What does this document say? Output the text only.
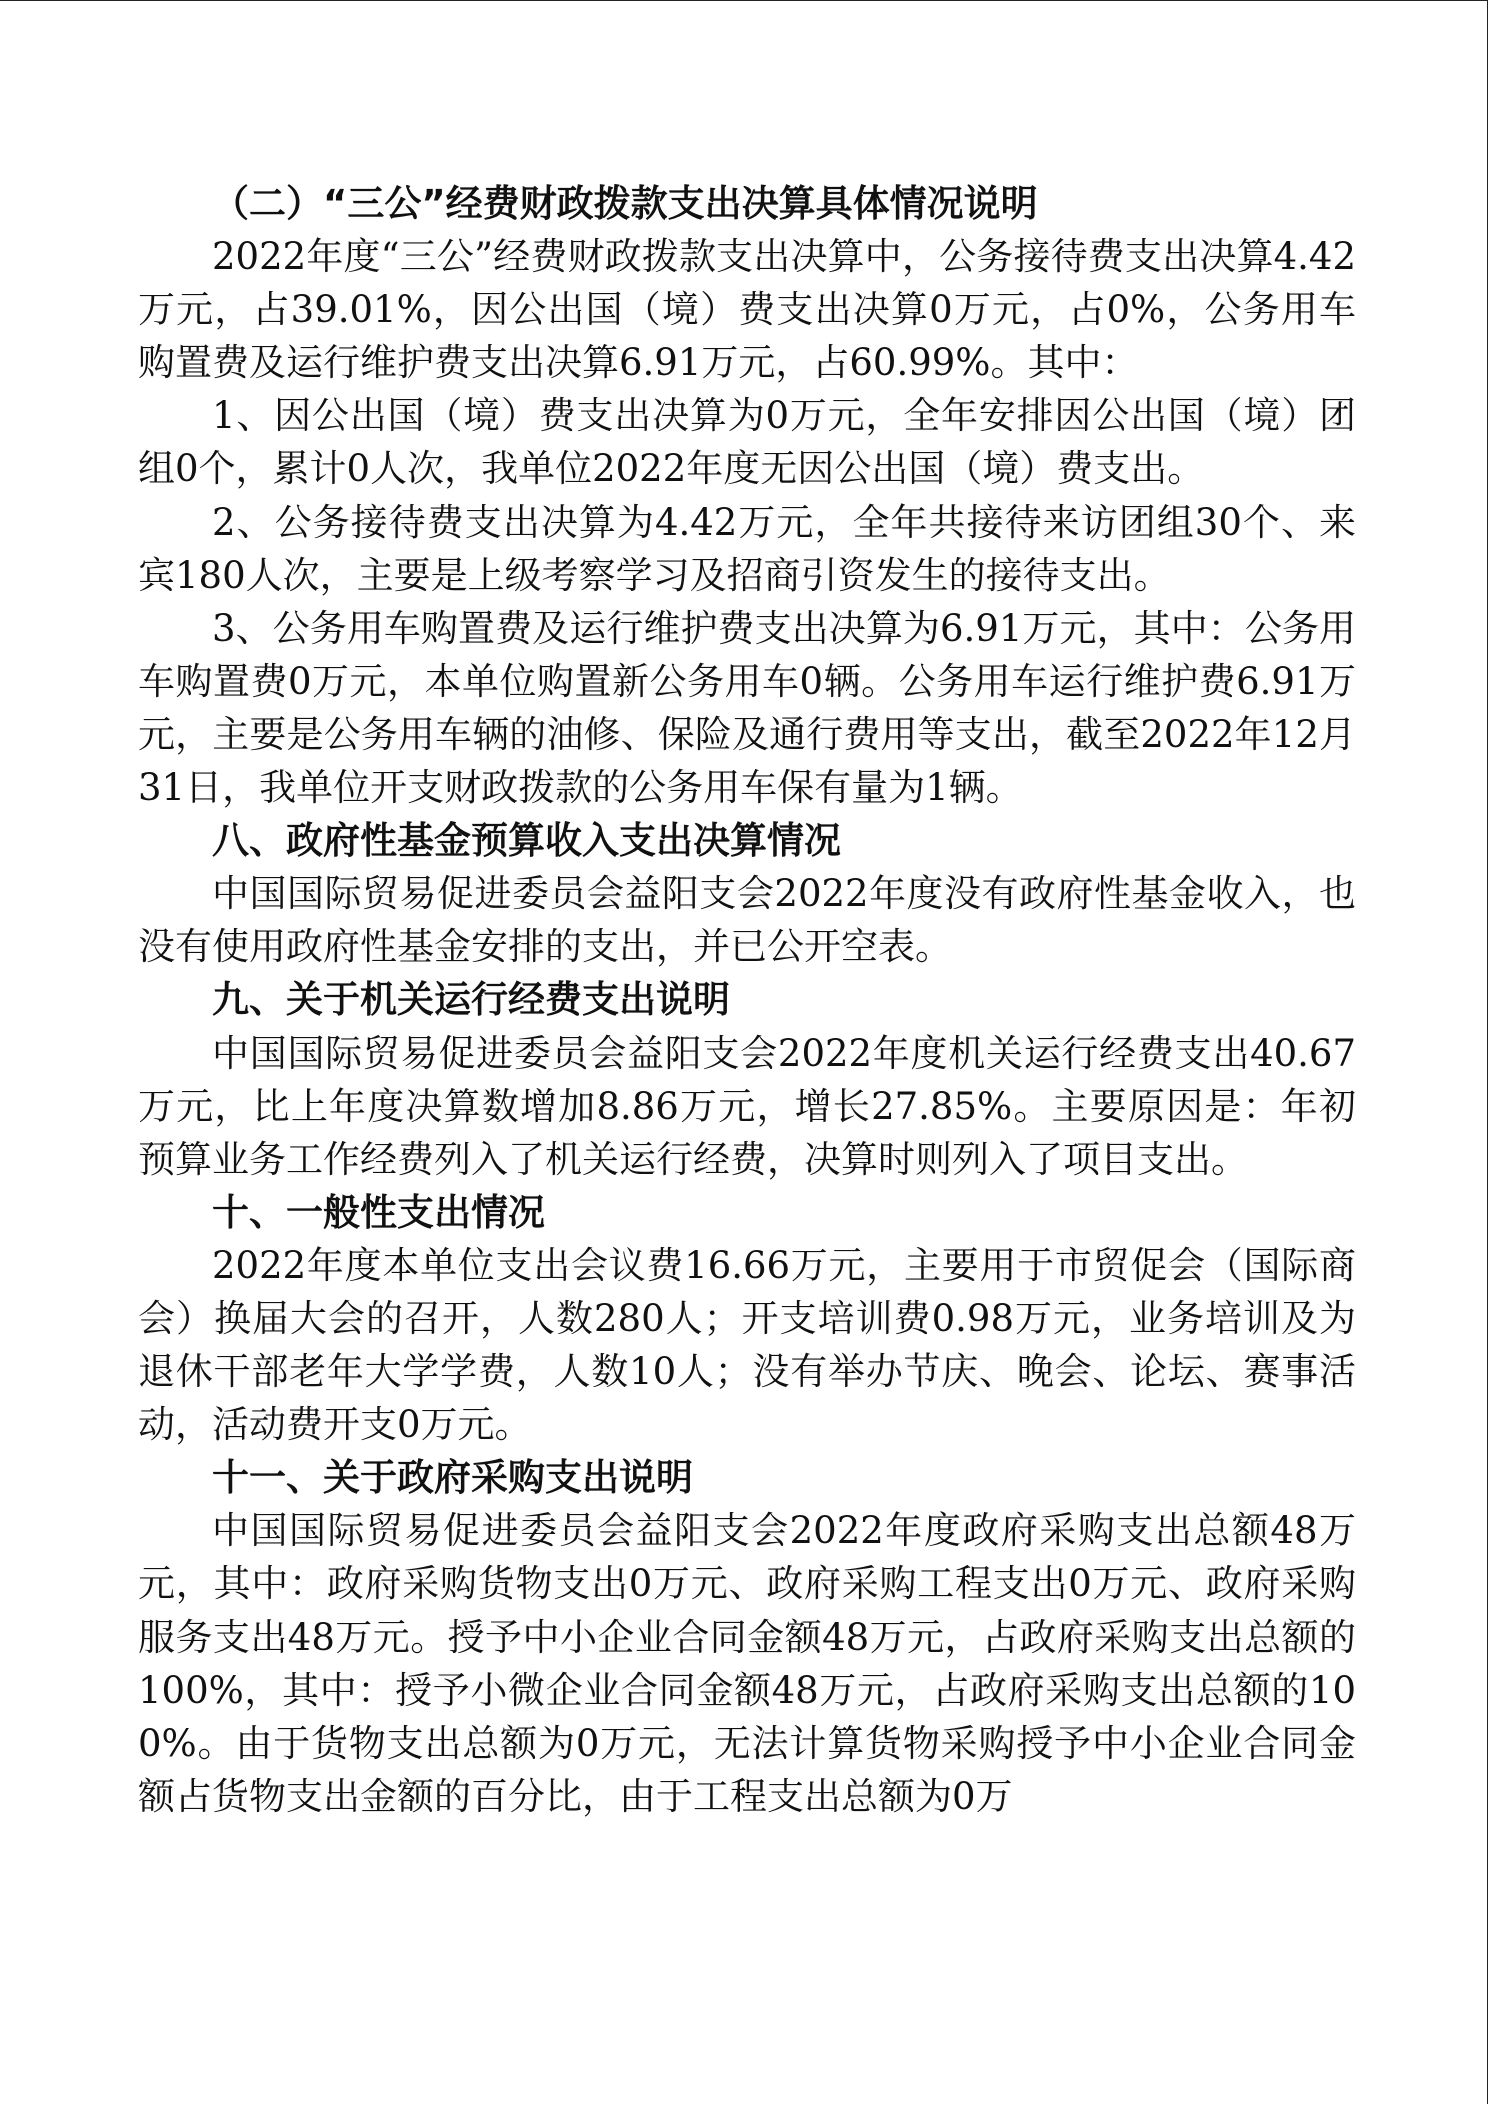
（二）“三公”经费财政拨款支出决算具体情况说明

2022年度“三公”经费财政拨款支出决算中，公务接待费支出决算4.42万元，占39.01%，因公出国（境）费支出决算0万元，占0%，公务用车购置费及运行维护费支出决算6.91万元，占60.99%。其中：

1、因公出国（境）费支出决算为0万元，全年安排因公出国（境）团组0个，累计0人次，我单位2022年度无因公出国（境）费支出。

2、公务接待费支出决算为4.42万元，全年共接待来访团组30个、来宾180人次，主要是上级考察学习及招商引资发生的接待支出。

3、公务用车购置费及运行维护费支出决算为6.91万元，其中：公务用车购置费0万元，本单位购置新公务用车0辆。公务用车运行维护费6.91万元，主要是公务用车辆的油修、保险及通行费用等支出，截至2022年12月31日，我单位开支财政拨款的公务用车保有量为1辆。

八、政府性基金预算收入支出决算情况

中国国际贸易促进委员会益阳支会2022年度没有政府性基金收入，也没有使用政府性基金安排的支出，并已公开空表。

九、关于机关运行经费支出说明

中国国际贸易促进委员会益阳支会2022年度机关运行经费支出40.67万元，比上年度决算数增加8.86万元，增长27.85%。主要原因是：年初预算业务工作经费列入了机关运行经费，决算时则列入了项目支出。

十、一般性支出情况

2022年度本单位支出会议费16.66万元，主要用于市贸促会（国际商会）换届大会的召开，人数280人；开支培训费0.98万元，业务培训及为退休干部老年大学学费，人数10人；没有举办节庆、晚会、论坛、赛事活动，活动费开支0万元。

十一、关于政府采购支出说明

中国国际贸易促进委员会益阳支会2022年度政府采购支出总额48万元，其中：政府采购货物支出0万元、政府采购工程支出0万元、政府采购服务支出48万元。授予中小企业合同金额48万元，占政府采购支出总额的100%，其中：授予小微企业合同金额48万元，占政府采购支出总额的100%。由于货物支出总额为0万元，无法计算货物采购授予中小企业合同金额占货物支出金额的百分比，由于工程支出总额为0万
